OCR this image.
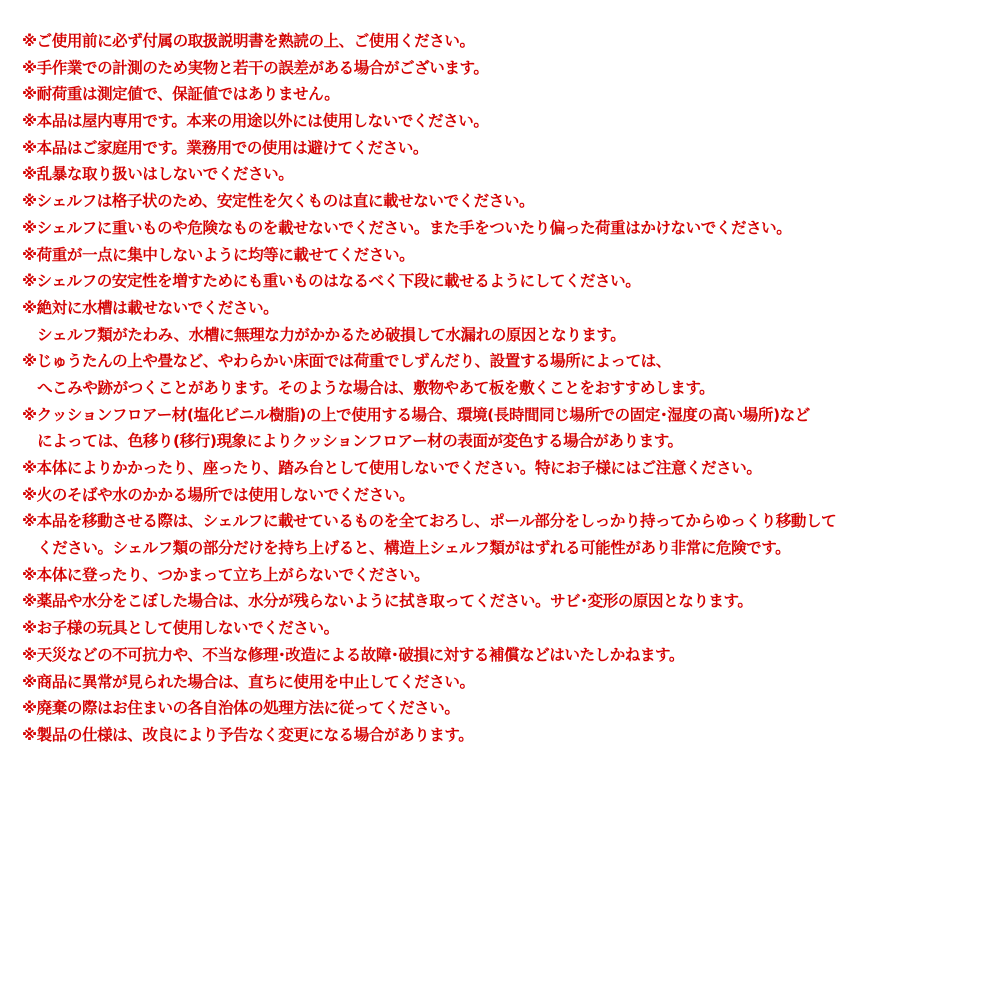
※ご使用前に必ず付属の取扱説明書を熟読の上、ご使用ください。
※手作業での計測のため実物と若干の誤差がある場合がございます。
※耐荷重は測定値で、保証値ではありません。
※本品は屋内専用です。本来の用途以外には使用しないでください。
※本品はご家庭用です。業務用での使用は避けてください。
※乱暴な取り扱いはしないでください。
※シェルフは格子状のため、安定性を欠くものは直に載せないでください。
※シェルフに重いものや危険なものを載せないでください。また手をついたり偏った荷重はかけないでください。
※荷重が一点に集中しないように均等に載せてください。
※シェルフの安定性を増すためにも重いものはなるべく下段に載せるようにしてください。
※絶対に水槽は載せないでください。
　シェルフ類がたわみ、水槽に無理な力がかかるため破損して水漏れの原因となります。
※じゅうたんの上や畳など、やわらかい床面では荷重でしずんだり、設置する場所によっては、
　へこみや跡がつくことがあります。そのような場合は、敷物やあて板を敷くことをおすすめします。
※クッションフロアー材(塩化ビニル樹脂)の上で使用する場合、環境(長時間同じ場所での固定･湿度の高い場所)など
　によっては、色移り(移行)現象によりクッションフロアー材の表面が変色する場合があります。
※本体によりかかったり、座ったり、踏み台として使用しないでください。特にお子様にはご注意ください。
※火のそばや水のかかる場所では使用しないでください。
※本品を移動させる際は、シェルフに載せているものを全ておろし、ポール部分をしっかり持ってからゆっくり移動して
　ください。シェルフ類の部分だけを持ち上げると、構造上シェルフ類がはずれる可能性があり非常に危険です。
※本体に登ったり、つかまって立ち上がらないでください。
※薬品や水分をこぼした場合は、水分が残らないように拭き取ってください。サビ･変形の原因となります。
※お子様の玩具として使用しないでください。
※天災などの不可抗力や、不当な修理･改造による故障･破損に対する補償などはいたしかねます。
※商品に異常が見られた場合は、直ちに使用を中止してください。
※廃棄の際はお住まいの各自治体の処理方法に従ってください。
※製品の仕様は、改良により予告なく変更になる場合があります。
